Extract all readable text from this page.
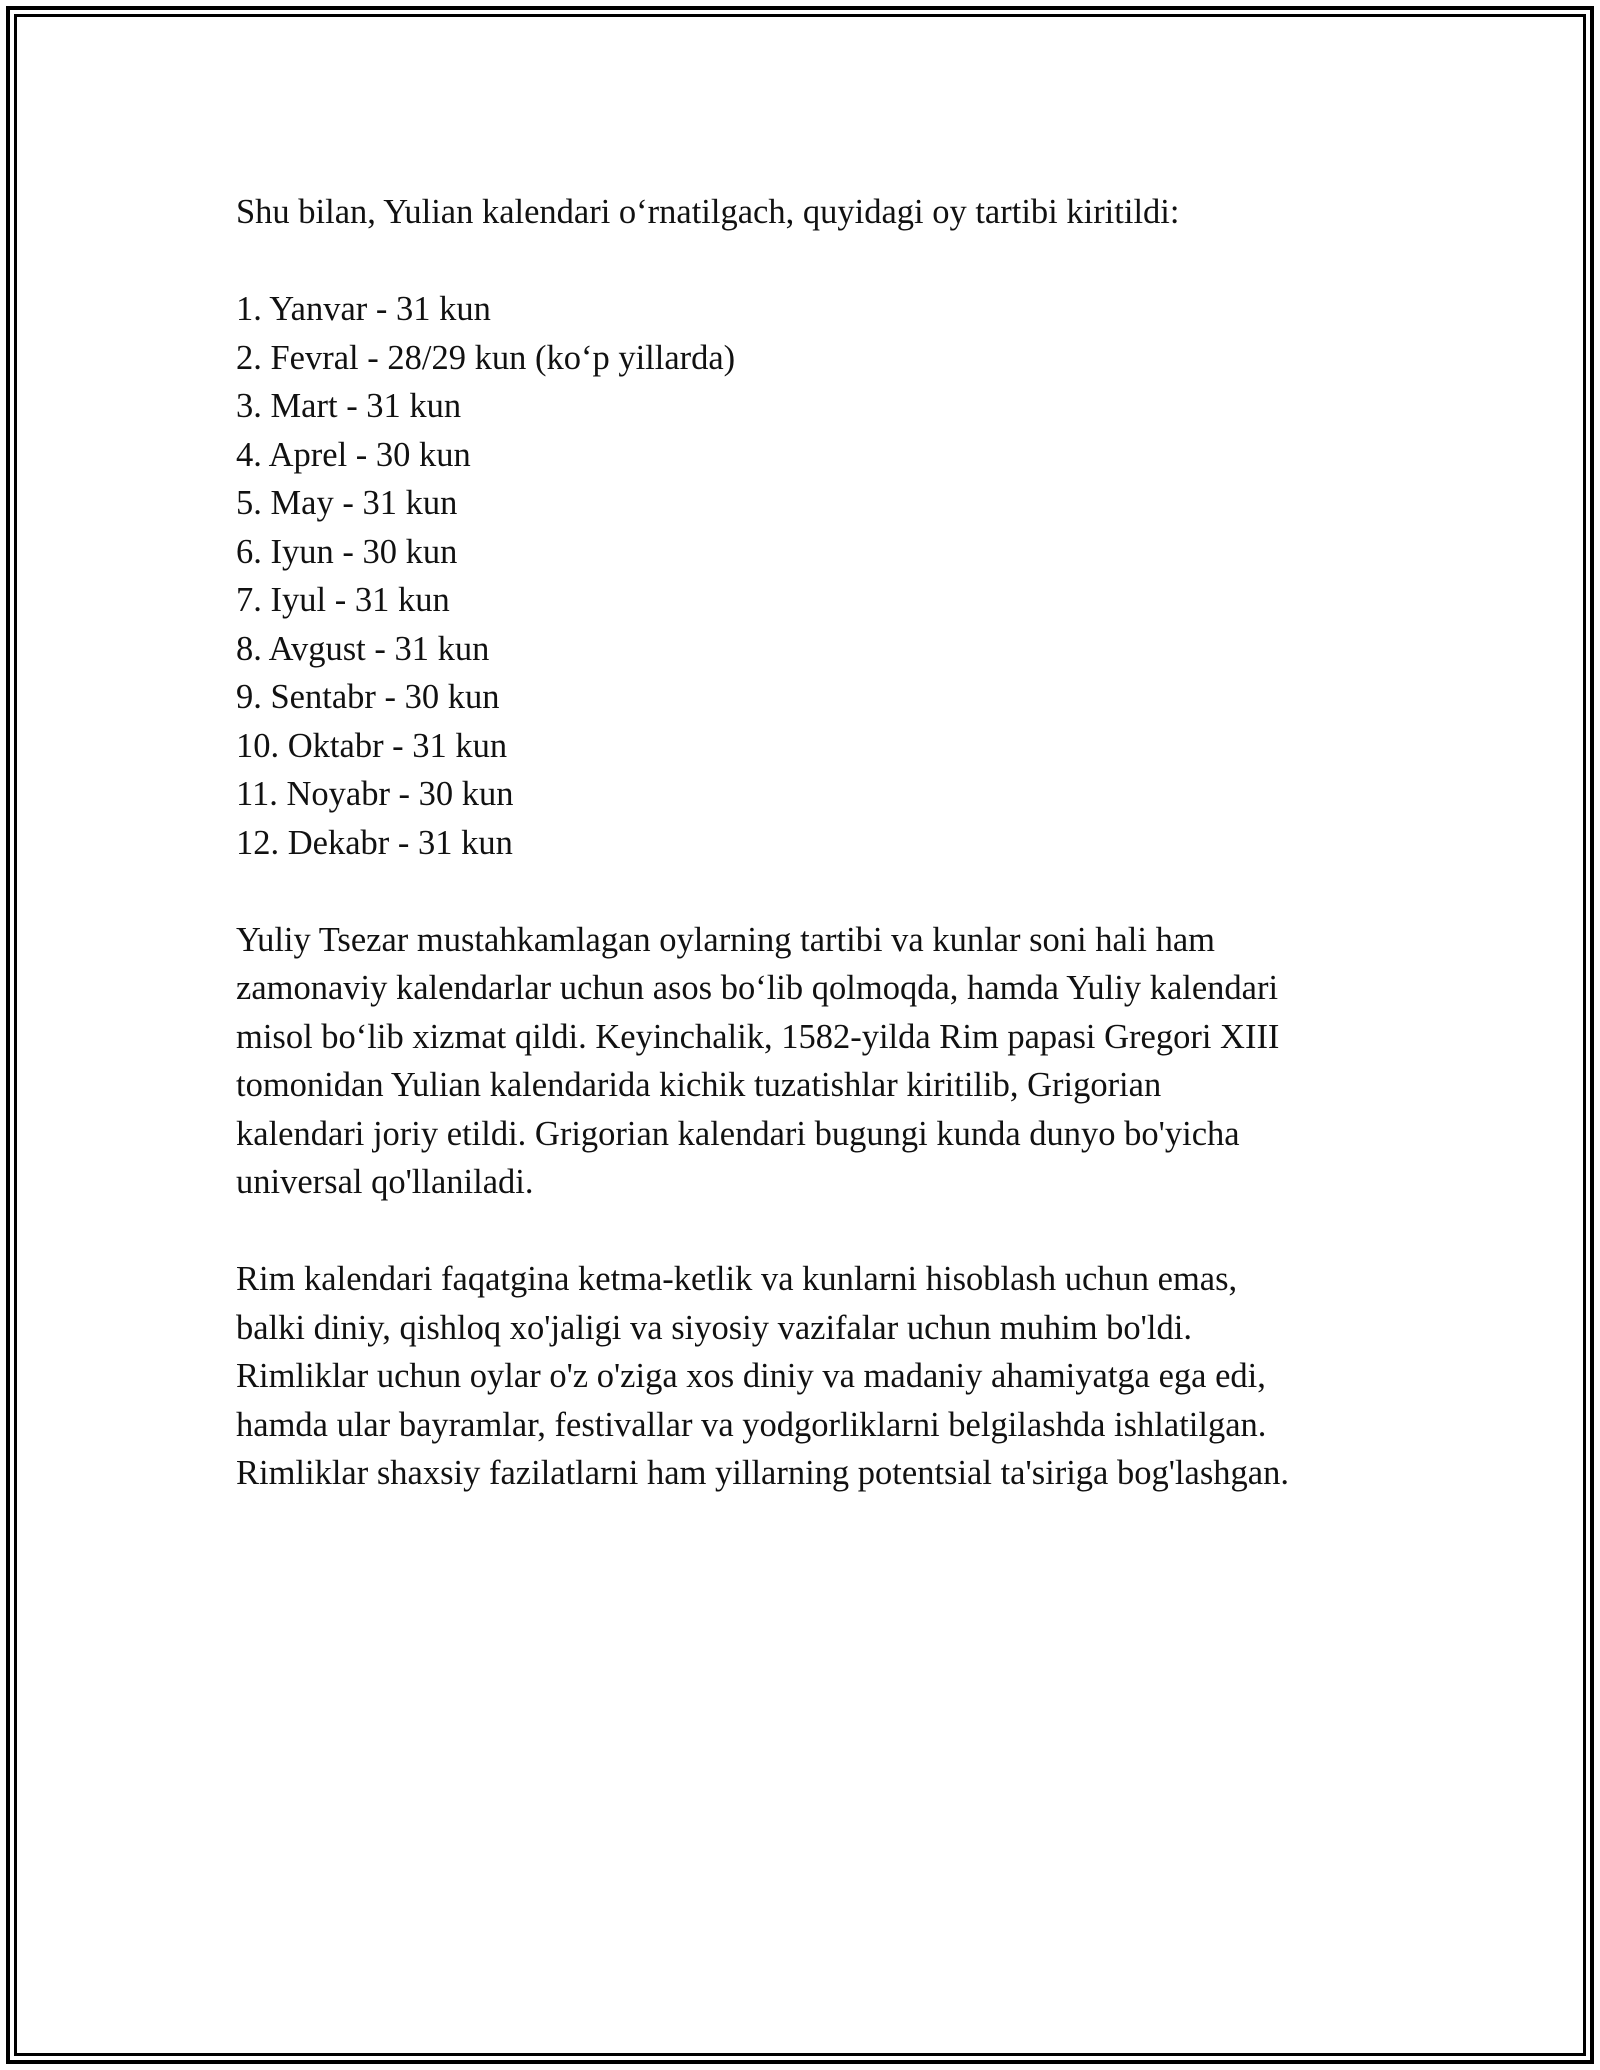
Shu bilan, Yulian kalendari o‘rnatilgach, quyidagi oy tartibi kiritildi:

1. Yanvar - 31 kun
2. Fevral - 28/29 kun (ko‘p yillarda)
3. Mart - 31 kun
4. Aprel - 30 kun
5. May - 31 kun
6. Iyun - 30 kun
7. Iyul - 31 kun
8. Avgust - 31 kun
9. Sentabr - 30 kun
10. Oktabr - 31 kun
11. Noyabr - 30 kun
12. Dekabr - 31 kun
Yuliy Tsezar mustahkamlagan oylarning tartibi va kunlar soni hali ham
zamonaviy kalendarlar uchun asos bo‘lib qolmoqda, hamda Yuliy kalendari
misol bo‘lib xizmat qildi. Keyinchalik, 1582-yilda Rim papasi Gregori XIII
tomonidan Yulian kalendarida kichik tuzatishlar kiritilib, Grigorian
kalendari joriy etildi. Grigorian kalendari bugungi kunda dunyo bo'yicha
universal qo'llaniladi.
Rim kalendari faqatgina ketma-ketlik va kunlarni hisoblash uchun emas,
balki diniy, qishloq xo'jaligi va siyosiy vazifalar uchun muhim bo'ldi.
Rimliklar uchun oylar o'z o'ziga xos diniy va madaniy ahamiyatga ega edi,
hamda ular bayramlar, festivallar va yodgorliklarni belgilashda ishlatilgan.
Rimliklar shaxsiy fazilatlarni ham yillarning potentsial ta'siriga bog'lashgan.
